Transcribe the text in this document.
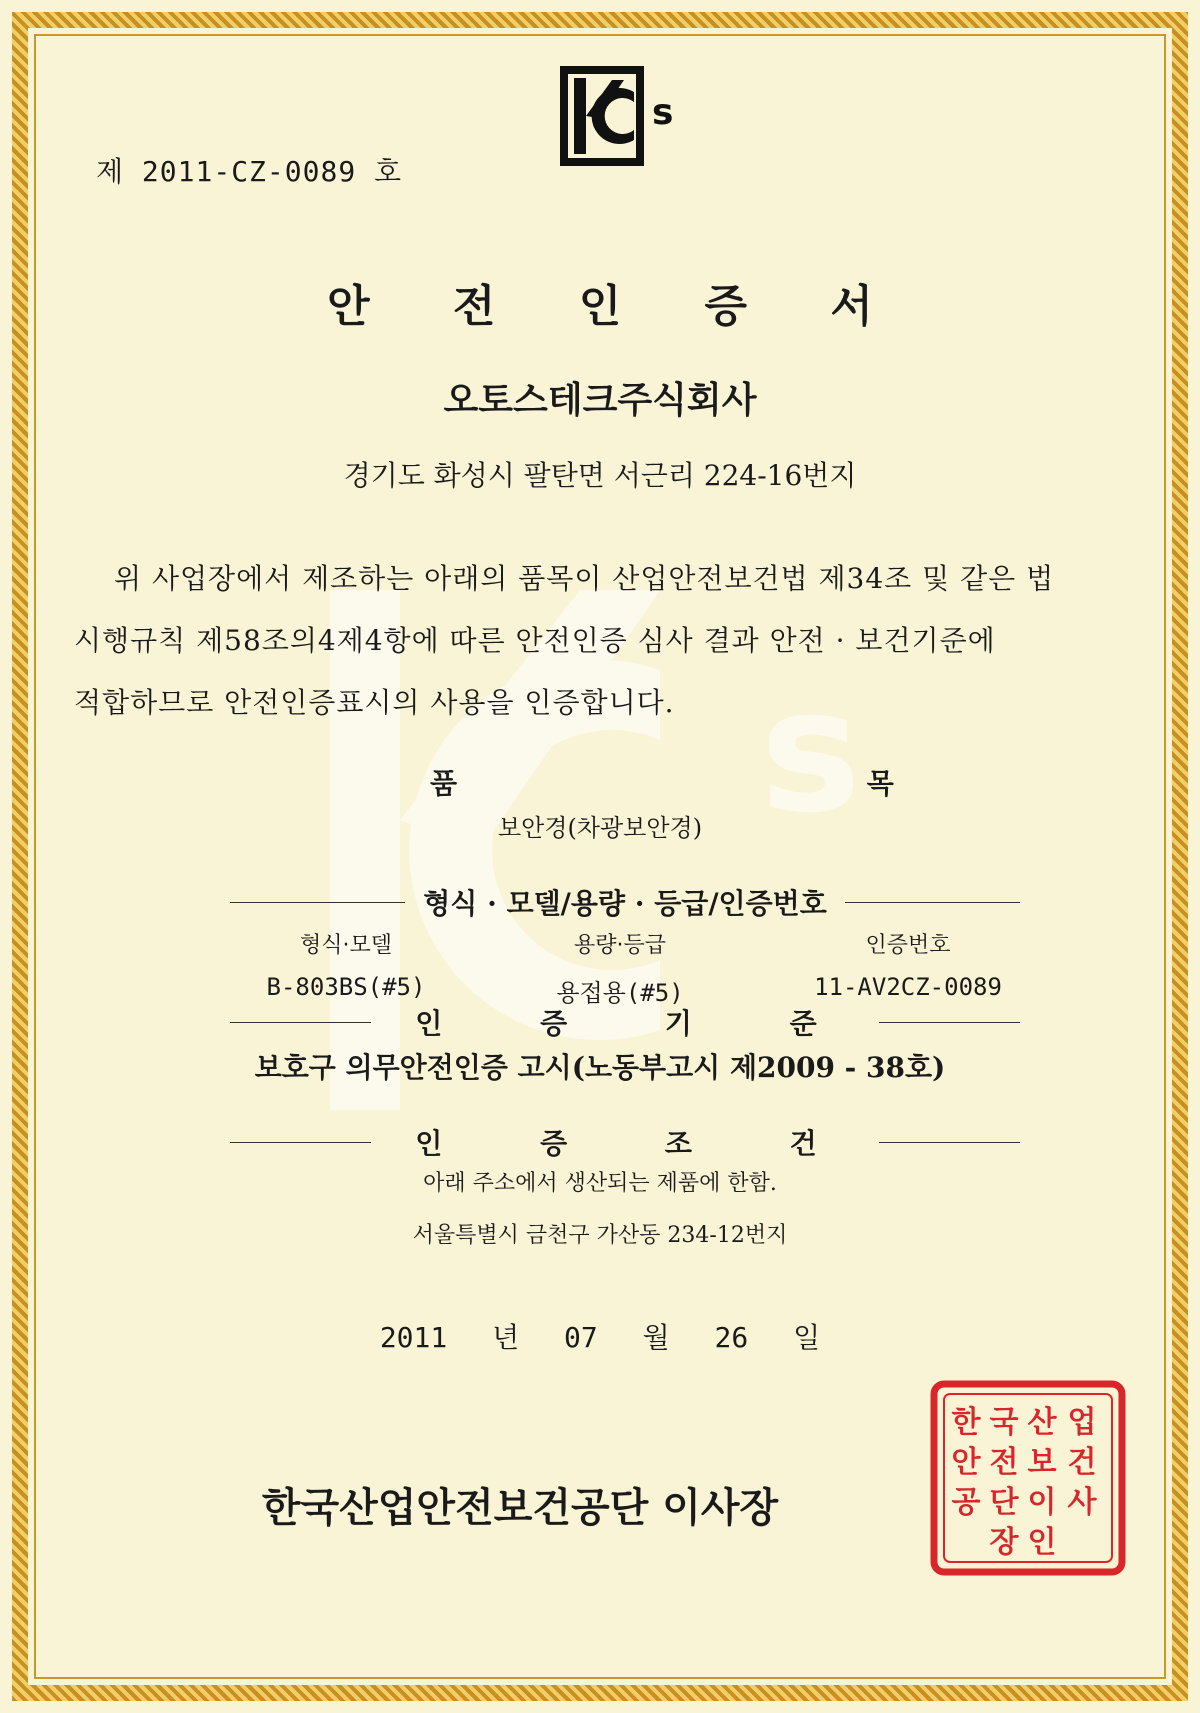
s
s
제 2011-CZ-0089 호
안 전 인 증 서
오토스테크주식회사
경기도 화성시 팔탄면 서근리 224-16번지

위 사업장에서 제조하는 아래의 품목이 산업안전보건법 제34조 및 같은 법

시행규칙 제58조의4제4항에 따른 안전인증 심사 결과 안전 · 보건기준에

적합하므로 안전인증표시의 사용을 인증합니다.

품 목
보안경(차광보안경)
형식 · 모델/용량 · 등급/인증번호
형식·모델
B-803BS(#5)
용량·등급
용접용(#5)
인증번호
11-AV2CZ-0089
인 증 기 준
보호구 의무안전인증 고시(노동부고시 제2009 - 38호)
인 증 조 건
아래 주소에서 생산되는 제품에 한함.
서울특별시 금천구 가산동 234-12번지
2011 년 07 월 26 일
한국산업안전보건공단 이사장
한 국 산 업
안 전 보 건
공 단 이 사
장 인
